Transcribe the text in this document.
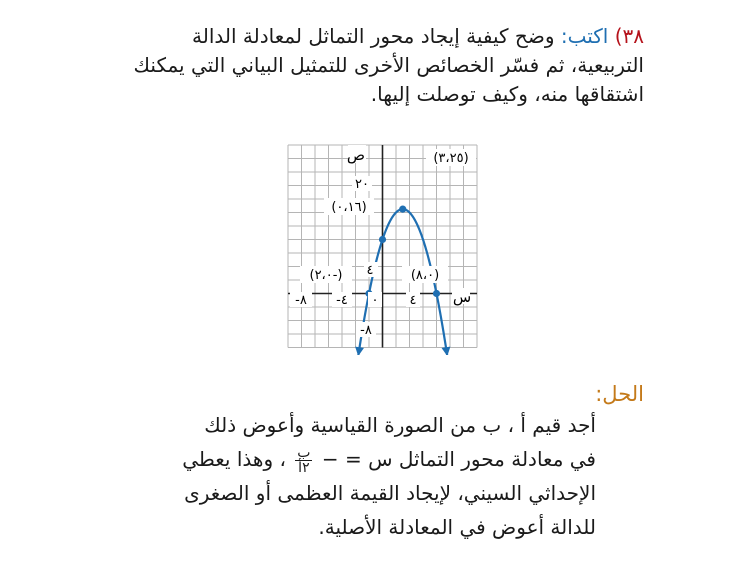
٣٨) اكتب: وضح كيفية إيجاد محور التماثل لمعادلة الدالة التربيعية، ثم فسّر الخصائص الأخرى للتمثيل البياني التي يمكنك اشتقاقها منه، وكيف توصلت إليها.
ص
س
٢٠
٤
-٨
-٨ -٤ ٠ ٤
(٣،٢٥)
(٠،١٦)
(-٢،٠)	(٨،٠)
الحل:
أجد قيم أ ، ب من الصورة القياسية وأعوض ذلك
في معادلة محور التماثل س = −
$\frac{\text{ب}}{\text{٢أ}}$
، وهذا يعطي
الإحداثي السيني، لإيجاد القيمة العظمى أو الصغرى
للدالة أعوض في المعادلة الأصلية.
